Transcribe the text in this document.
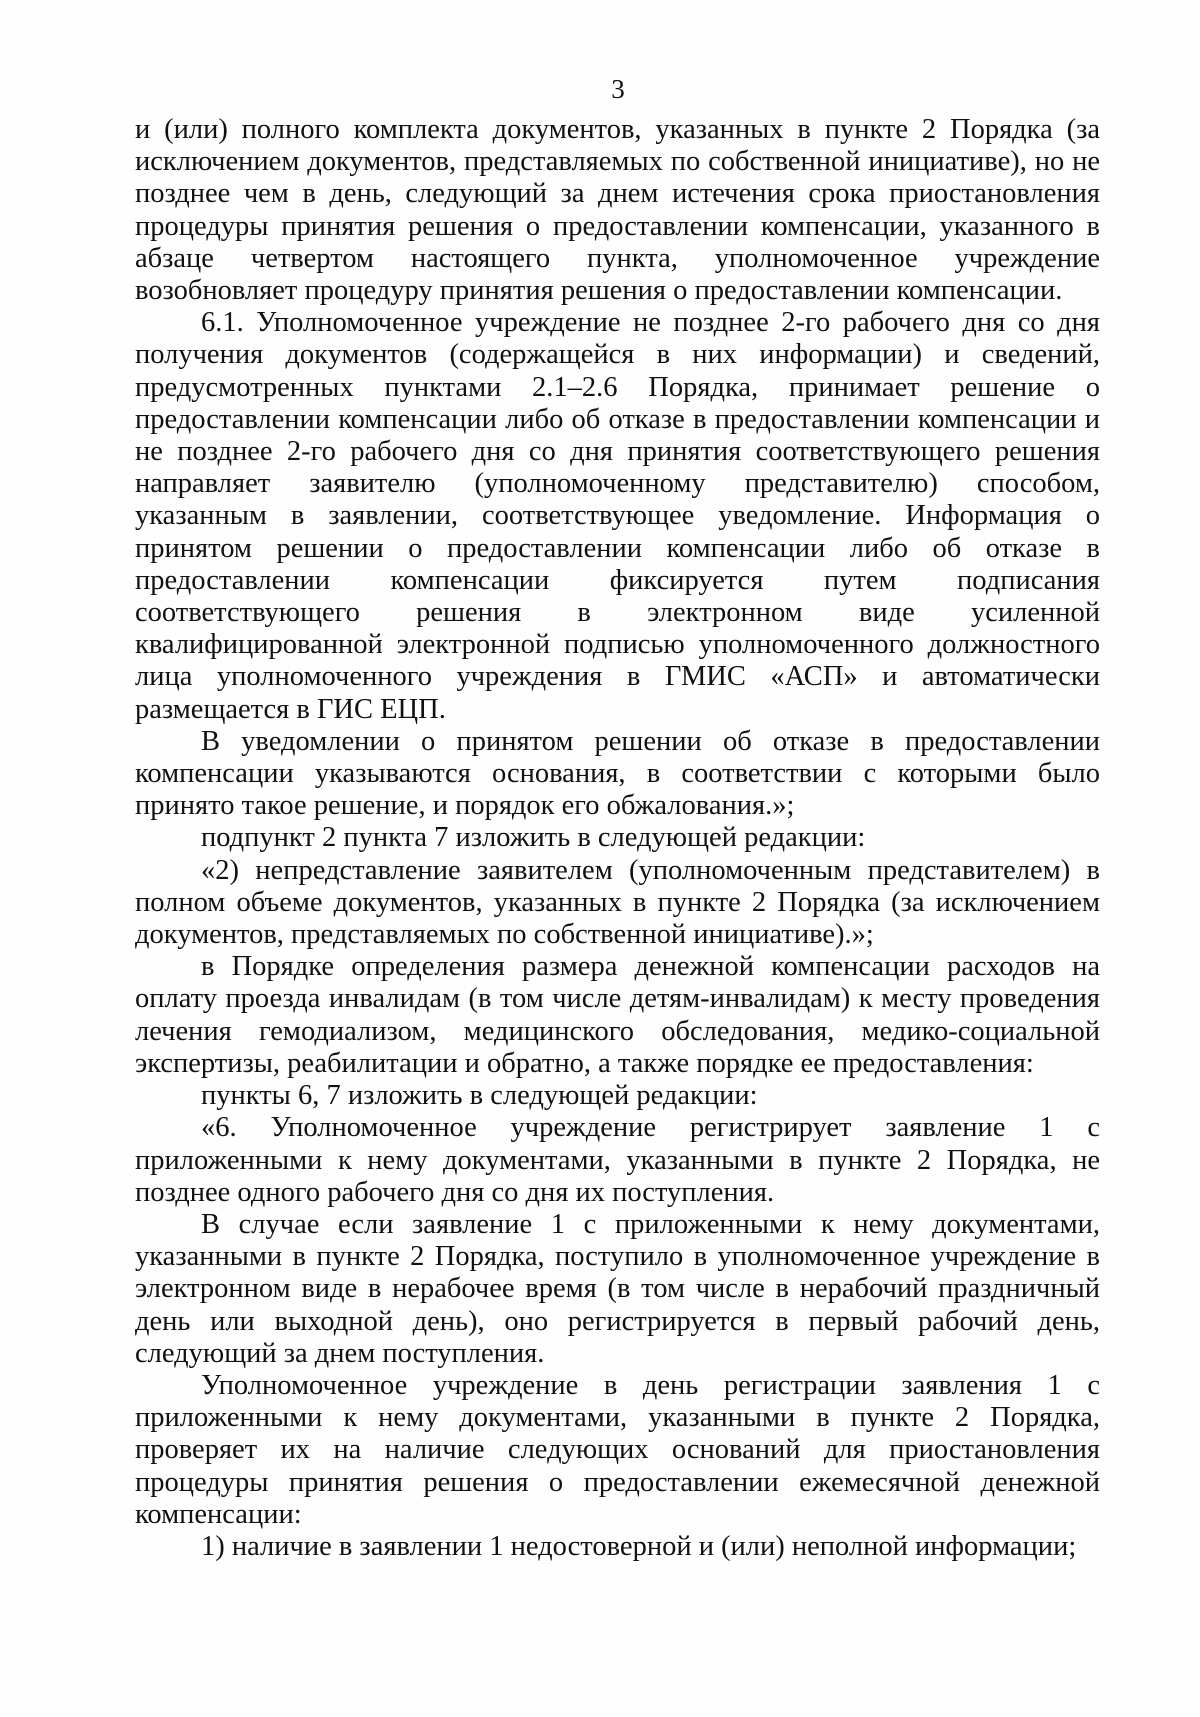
3

и (или) полного комплекта документов, указанных в пункте 2 Порядка (за исключением документов, представляемых по собственной инициативе), но не позднее чем в день, следующий за днем истечения срока приостановления процедуры принятия решения о предоставлении компенсации, указанного в абзаце четвертом настоящего пункта, уполномоченное учреждение возобновляет процедуру принятия решения о предоставлении компенсации.

6.1. Уполномоченное учреждение не позднее 2-го рабочего дня со дня получения документов (содержащейся в них информации) и сведений, предусмотренных пунктами 2.1–2.6 Порядка, принимает решение о предоставлении компенсации либо об отказе в предоставлении компенсации и не позднее 2-го рабочего дня со дня принятия соответствующего решения направляет заявителю (уполномоченному представителю) способом, указанным в заявлении, соответствующее уведомление. Информация о принятом решении о предоставлении компенсации либо об отказе в предоставлении компенсации фиксируется путем подписания соответствующего решения в электронном виде усиленной квалифицированной электронной подписью уполномоченного должностного лица уполномоченного учреждения в ГМИС «АСП» и автоматически размещается в ГИС ЕЦП.

В уведомлении о принятом решении об отказе в предоставлении компенсации указываются основания, в соответствии с которыми было принято такое решение, и порядок его обжалования.»;

подпункт 2 пункта 7 изложить в следующей редакции:

«2) непредставление заявителем (уполномоченным представителем) в полном объеме документов, указанных в пункте 2 Порядка (за исключением документов, представляемых по собственной инициативе).»;

в Порядке определения размера денежной компенсации расходов на оплату проезда инвалидам (в том числе детям-инвалидам) к месту проведения лечения гемодиализом, медицинского обследования, медико-социальной экспертизы, реабилитации и обратно, а также порядке ее предоставления:

пункты 6, 7 изложить в следующей редакции:

«6. Уполномоченное учреждение регистрирует заявление 1 с приложенными к нему документами, указанными в пункте 2 Порядка, не позднее одного рабочего дня со дня их поступления.

В случае если заявление 1 с приложенными к нему документами, указанными в пункте 2 Порядка, поступило в уполномоченное учреждение в электронном виде в нерабочее время (в том числе в нерабочий праздничный день или выходной день), оно регистрируется в первый рабочий день, следующий за днем поступления.

Уполномоченное учреждение в день регистрации заявления 1 с приложенными к нему документами, указанными в пункте 2 Порядка, проверяет их на наличие следующих оснований для приостановления процедуры принятия решения о предоставлении ежемесячной денежной компенсации:

1) наличие в заявлении 1 недостоверной и (или) неполной информации;
